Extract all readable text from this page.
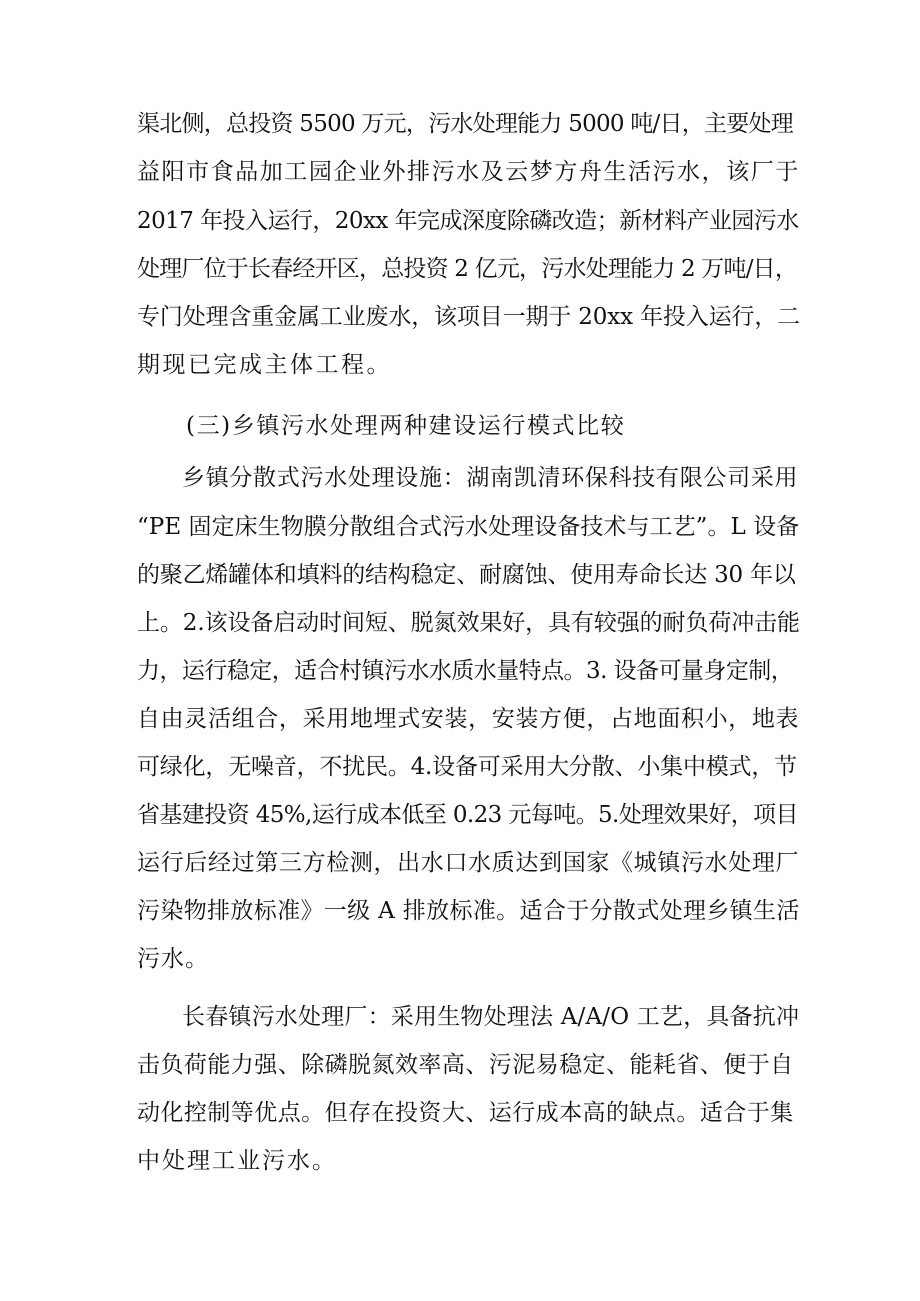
渠北侧，总投资 5500 万元，污水处理能力 5000 吨/日，主要处理

益阳市食品加工园企业外排污水及云梦方舟生活污水，该厂于

2017 年投入运行，20xx 年完成深度除磷改造；新材料产业园污水

处理厂位于长春经开区，总投资 2 亿元，污水处理能力 2 万吨/日，

专门处理含重金属工业废水，该项目一期于 20xx 年投入运行，二

期现已完成主体工程。

(三)乡镇污水处理两种建设运行模式比较

乡镇分散式污水处理设施：湖南凯清环保科技有限公司采用

“PE 固定床生物膜分散组合式污水处理设备技术与工艺”。L 设备

的聚乙烯罐体和填料的结构稳定、耐腐蚀、使用寿命长达 30 年以

上。2.该设备启动时间短、脱氮效果好，具有较强的耐负荷冲击能

力，运行稳定，适合村镇污水水质水量特点。3. 设备可量身定制，

自由灵活组合，采用地埋式安装，安装方便，占地面积小，地表

可绿化，无噪音，不扰民。4.设备可采用大分散、小集中模式，节

省基建投资 45%,运行成本低至 0.23 元每吨。5.处理效果好，项目

运行后经过第三方检测，出水口水质达到国家《城镇污水处理厂

污染物排放标准》一级 A 排放标准。适合于分散式处理乡镇生活

污水。

长春镇污水处理厂：采用生物处理法 A/A/O 工艺，具备抗冲

击负荷能力强、除磷脱氮效率高、污泥易稳定、能耗省、便于自

动化控制等优点。但存在投资大、运行成本高的缺点。适合于集

中处理工业污水。
